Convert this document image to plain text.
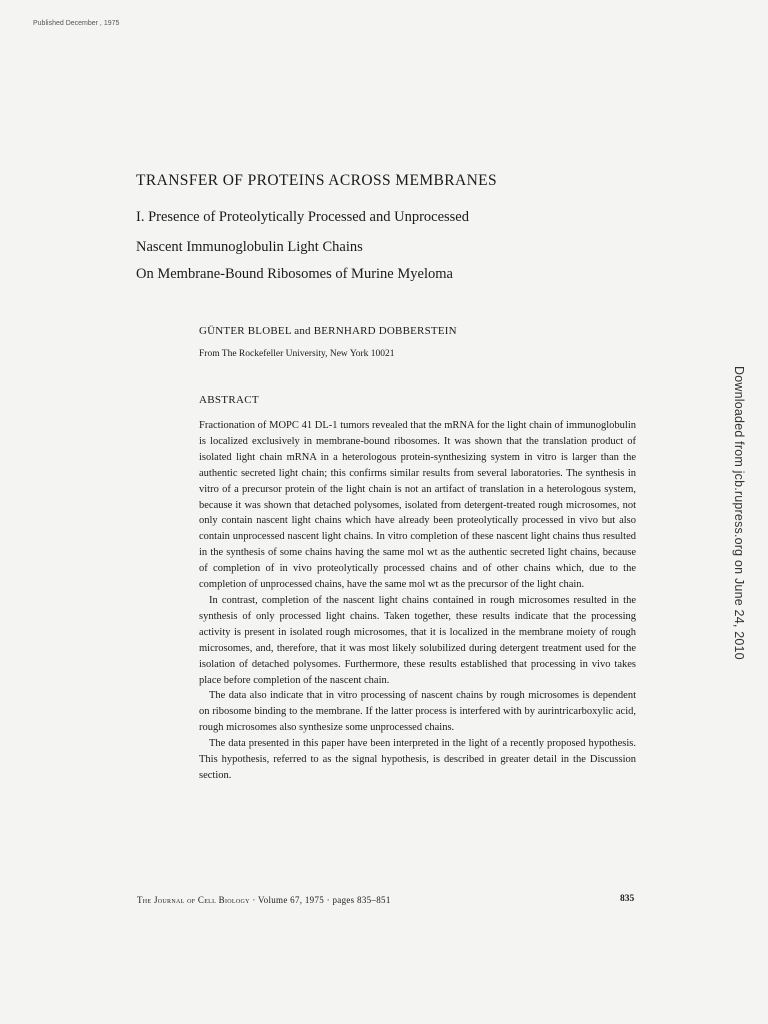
Published December , 1975
TRANSFER OF PROTEINS ACROSS MEMBRANES
I. Presence of Proteolytically Processed and Unprocessed
Nascent Immunoglobulin Light Chains
On Membrane-Bound Ribosomes of Murine Myeloma
GÜNTER BLOBEL and BERNHARD DOBBERSTEIN
From The Rockefeller University, New York 10021
ABSTRACT

Fractionation of MOPC 41 DL-1 tumors revealed that the mRNA for the light chain of immunoglobulin is localized exclusively in membrane-bound ribosomes. It was shown that the translation product of isolated light chain mRNA in a heterologous protein-synthesizing system in vitro is larger than the authentic secreted light chain; this confirms similar results from several laboratories. The synthesis in vitro of a precursor protein of the light chain is not an artifact of translation in a heterologous system, because it was shown that detached polysomes, isolated from detergent-treated rough microsomes, not only contain nascent light chains which have already been proteolytically processed in vivo but also contain unprocessed nascent light chains. In vitro completion of these nascent light chains thus resulted in the synthesis of some chains having the same mol wt as the authentic secreted light chains, because of completion of in vivo proteolytically processed chains and of other chains which, due to the completion of unprocessed chains, have the same mol wt as the precursor of the light chain.

In contrast, completion of the nascent light chains contained in rough microsomes resulted in the synthesis of only processed light chains. Taken together, these results indicate that the processing activity is present in isolated rough microsomes, that it is localized in the membrane moiety of rough microsomes, and, therefore, that it was most likely solubilized during detergent treatment used for the isolation of detached polysomes. Furthermore, these results established that processing in vivo takes place before completion of the nascent chain.

The data also indicate that in vitro processing of nascent chains by rough microsomes is dependent on ribosome binding to the membrane. If the latter process is interfered with by aurintricarboxylic acid, rough microsomes also synthesize some unprocessed chains.

The data presented in this paper have been interpreted in the light of a recently proposed hypothesis. This hypothesis, referred to as the signal hypothesis, is described in greater detail in the Discussion section.

The Journal of Cell Biology · Volume 67, 1975 · pages 835–851	835
Downloaded from jcb.rupress.org on June 24, 2010
